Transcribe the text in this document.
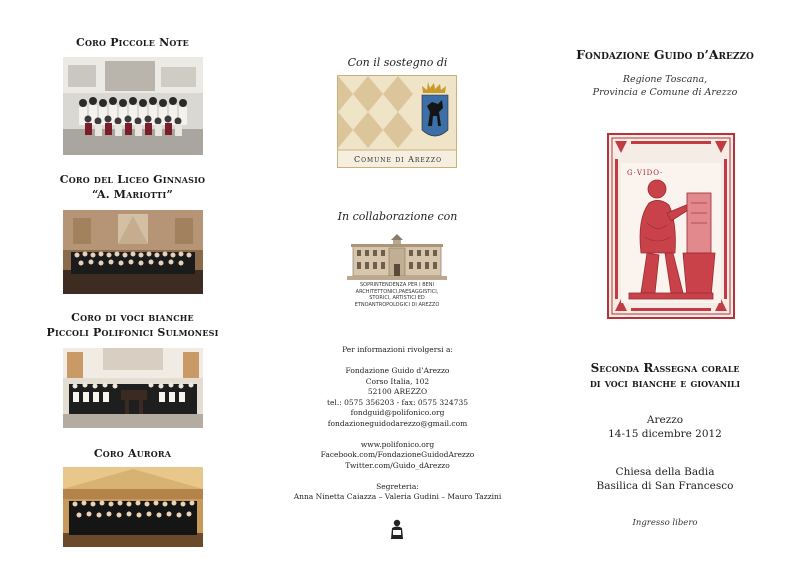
Coro Piccole Note
Coro del Liceo Ginnasio
“A. Mariotti”
Coro di voci bianche
Piccoli Polifonici Sulmonesi
Coro Aurora
Con il sostegno di
Comune di Arezzo
In collaborazione con
SOPRINTENDENZA PER I BENI
ARCHITETTONICI,PAESAGGISTICI,
STORICI, ARTISTICI ED
ETNOANTROPOLOGICI DI AREZZO
Per informazioni rivolgersi a:
Fondazione Guido d’Arezzo
Corso Italia, 102
52100 AREZZO
tel.: 0575 356203 - fax: 0575 324735
fondguid@polifonico.org
fondazioneguidodarezzo@gmail.com
www.polifonico.org
Facebook.com/FondazioneGuidodArezzo
Twitter.com/Guido_dArezzo
Segreteria:
Anna Ninetta Caiazza – Valeria Gudini – Mauro Tazzini
Fondazione Guido d’Arezzo
Regione Toscana,
Provincia e Comune di Arezzo
G·VIDO·
Seconda Rassegna corale
di voci bianche e giovanili
Arezzo
14-15 dicembre 2012
Chiesa della Badia
Basilica di San Francesco
Ingresso libero
